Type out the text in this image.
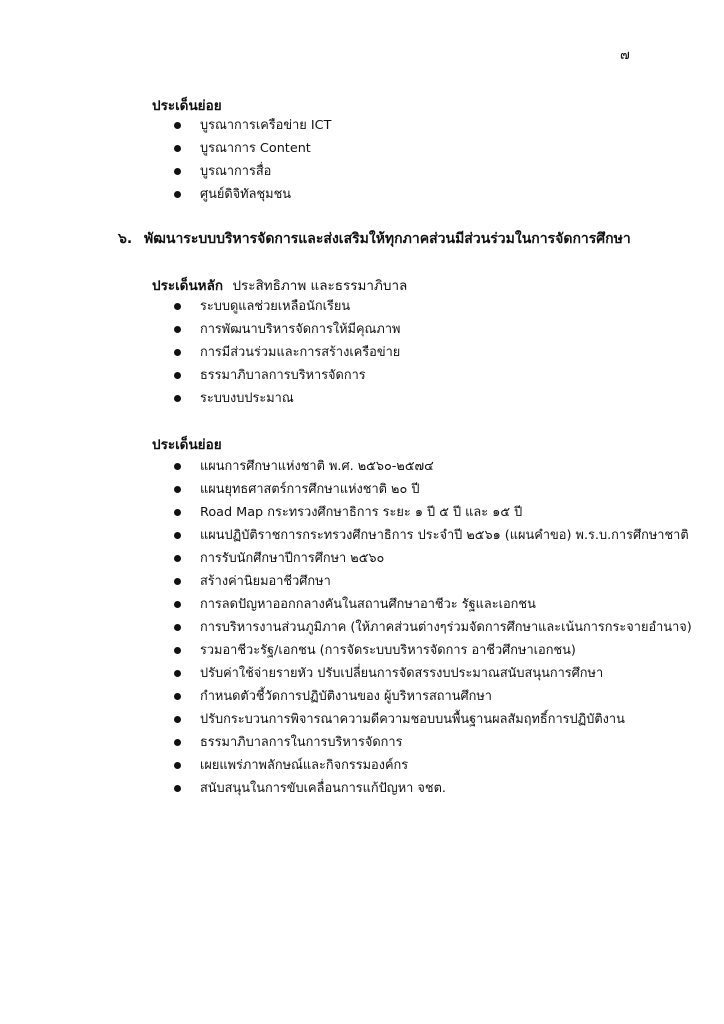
๗
ประเด็นย่อย
บูรณาการเครือข่าย ICT
บูรณาการ Content
บูรณาการสื่อ
ศูนย์ดิจิทัลชุมชน
๖. พัฒนาระบบบริหารจัดการและส่งเสริมให้ทุกภาคส่วนมีส่วนร่วมในการจัดการศึกษา
ประเด็นหลัก ประสิทธิภาพ และธรรมาภิบาล
ระบบดูแลช่วยเหลือนักเรียน
การพัฒนาบริหารจัดการให้มีคุณภาพ
การมีส่วนร่วมและการสร้างเครือข่าย
ธรรมาภิบาลการบริหารจัดการ
ระบบงบประมาณ
ประเด็นย่อย
แผนการศึกษาแห่งชาติ พ.ศ. ๒๕๖๐-๒๕๗๔
แผนยุทธศาสตร์การศึกษาแห่งชาติ ๒๐ ปี
Road Map กระทรวงศึกษาธิการ ระยะ ๑ ปี ๕ ปี และ ๑๕ ปี
แผนปฏิบัติราชการกระทรวงศึกษาธิการ ประจำปี ๒๕๖๑ (แผนคำขอ) พ.ร.บ.การศึกษาชาติ
การรับนักศึกษาปีการศึกษา ๒๕๖๐
สร้างค่านิยมอาชีวศึกษา
การลดปัญหาออกกลางคันในสถานศึกษาอาชีวะ รัฐและเอกชน
การบริหารงานส่วนภูมิภาค (ให้ภาคส่วนต่างๆร่วมจัดการศึกษาและเน้นการกระจายอำนาจ)
รวมอาชีวะรัฐ/เอกชน (การจัดระบบบริหารจัดการ อาชีวศึกษาเอกชน)
ปรับค่าใช้จ่ายรายหัว ปรับเปลี่ยนการจัดสรรงบประมาณสนับสนุนการศึกษา
กำหนดตัวชี้วัดการปฏิบัติงานของ ผู้บริหารสถานศึกษา
ปรับกระบวนการพิจารณาความดีความชอบบนพื้นฐานผลสัมฤทธิ์การปฏิบัติงาน
ธรรมาภิบาลการในการบริหารจัดการ
เผยแพร่ภาพลักษณ์และกิจกรรมองค์กร
สนับสนุนในการขับเคลื่อนการแก้ปัญหา จชต.
